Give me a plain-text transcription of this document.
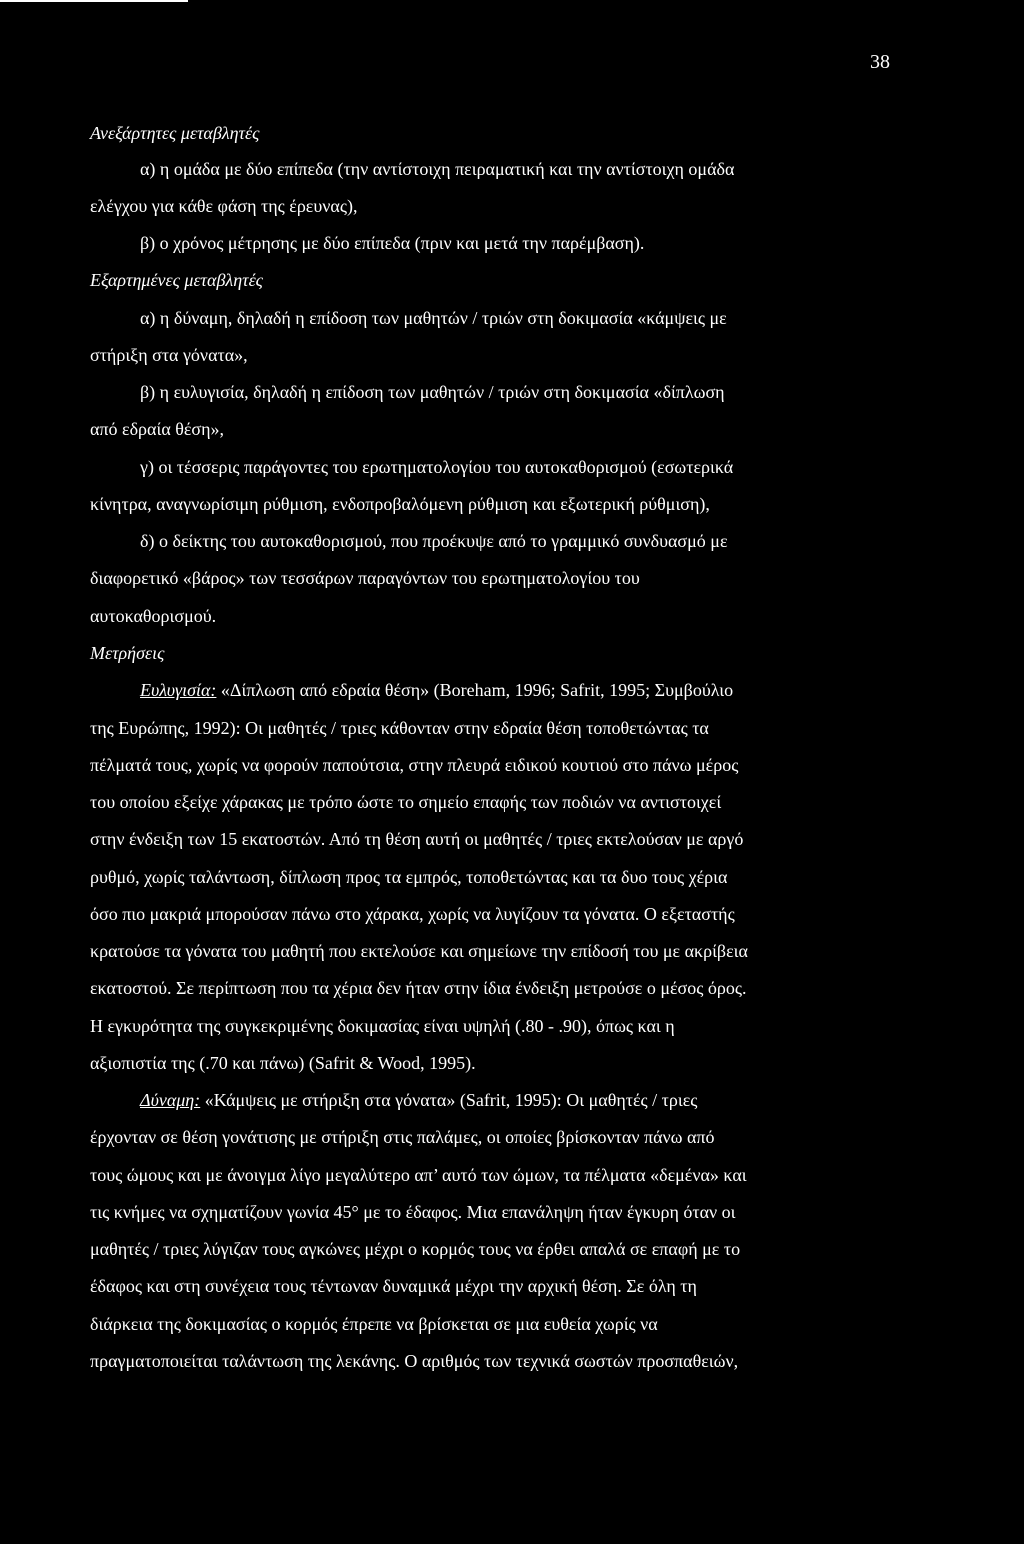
38
Ανεξάρτητες μεταβλητές
α) η ομάδα με δύο επίπεδα (την αντίστοιχη πειραματική και την αντίστοιχη ομάδα
ελέγχου για κάθε φάση της έρευνας),
β) ο χρόνος μέτρησης με δύο επίπεδα (πριν και μετά την παρέμβαση).
Εξαρτημένες μεταβλητές
α) η δύναμη, δηλαδή η επίδοση των μαθητών / τριών στη δοκιμασία «κάμψεις με
στήριξη στα γόνατα»,
β) η ευλυγισία, δηλαδή η επίδοση των μαθητών / τριών στη δοκιμασία «δίπλωση
από εδραία θέση»,
γ) οι τέσσερις παράγοντες του ερωτηματολογίου του αυτοκαθορισμού (εσωτερικά
κίνητρα, αναγνωρίσιμη ρύθμιση, ενδοπροβαλόμενη ρύθμιση και εξωτερική ρύθμιση),
δ) ο δείκτης του αυτοκαθορισμού, που προέκυψε από το γραμμικό συνδυασμό με
διαφορετικό «βάρος» των τεσσάρων παραγόντων του ερωτηματολογίου του
αυτοκαθορισμού.
Μετρήσεις
Ευλυγισία: «Δίπλωση από εδραία θέση» (Boreham, 1996; Safrit, 1995; Συμβούλιο
της Ευρώπης, 1992): Οι μαθητές / τριες κάθονταν στην εδραία θέση τοποθετώντας τα
πέλματά τους, χωρίς να φορούν παπούτσια, στην πλευρά ειδικού κουτιού στο πάνω μέρος
του οποίου εξείχε χάρακας με τρόπο ώστε το σημείο επαφής των ποδιών να αντιστοιχεί
στην ένδειξη των 15 εκατοστών. Από τη θέση αυτή οι μαθητές / τριες εκτελούσαν με αργό
ρυθμό, χωρίς ταλάντωση, δίπλωση προς τα εμπρός, τοποθετώντας και τα δυο τους χέρια
όσο πιο μακριά μπορούσαν πάνω στο χάρακα, χωρίς να λυγίζουν τα γόνατα. Ο εξεταστής
κρατούσε τα γόνατα του μαθητή που εκτελούσε και σημείωνε την επίδοσή του με ακρίβεια
εκατοστού. Σε περίπτωση που τα χέρια δεν ήταν στην ίδια ένδειξη μετρούσε ο μέσος όρος.
Η εγκυρότητα της συγκεκριμένης δοκιμασίας είναι υψηλή (.80 - .90), όπως και η
αξιοπιστία της (.70 και πάνω) (Safrit & Wood, 1995).
Δύναμη: «Κάμψεις με στήριξη στα γόνατα» (Safrit, 1995): Οι μαθητές / τριες
έρχονταν σε θέση γονάτισης με στήριξη στις παλάμες, οι οποίες βρίσκονταν πάνω από
τους ώμους και με άνοιγμα λίγο μεγαλύτερο απ’ αυτό των ώμων, τα πέλματα «δεμένα» και
τις κνήμες να σχηματίζουν γωνία 45° με το έδαφος. Μια επανάληψη ήταν έγκυρη όταν οι
μαθητές / τριες λύγιζαν τους αγκώνες μέχρι ο κορμός τους να έρθει απαλά σε επαφή με το
έδαφος και στη συνέχεια τους τέντωναν δυναμικά μέχρι την αρχική θέση. Σε όλη τη
διάρκεια της δοκιμασίας ο κορμός έπρεπε να βρίσκεται σε μια ευθεία χωρίς να
πραγματοποιείται ταλάντωση της λεκάνης. Ο αριθμός των τεχνικά σωστών προσπαθειών,
